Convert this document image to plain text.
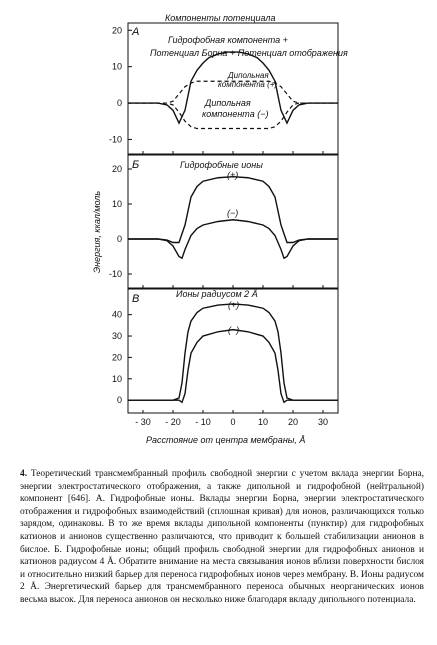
А
Б
В
Компоненты потенциала
Гидрофобная компонента +
Потенциал Борна + Потенциал отображения
Дипольная
компонента (+)
Дипольная
компонента (−)
Гидрофобные ионы
(+)
(−)
Ионы радиусом 2 Å
(+)
(−)
Энергия, ккал/моль
Расстояние от центра мембраны, Å
-10
0
10
20
-10
0
10
20
0
10
20
30
40
- 30 - 20 - 10 0 10 20 30

4. Теоретический трансмембранный профиль свободной энергии с учетом вклада энергии Борна, энергии электростатического отображения, а также дипольной и гидрофобной (нейтральной) компонент [646]. А. Гидрофобные ионы. Вклады энергии Борна, энергии электростатического отображения и гидрофобных взаимодействий (сплошная кривая) для ионов, различающихся только зарядом, одинаковы. В то же время вклады дипольной компоненты (пунктир) для гидрофобных катионов и анионов существенно различаются, что приводит к большей стабилизации анионов в бислое. Б. Гидрофобные ионы; общий профиль свободной энергии для гидрофобных анионов и катионов радиусом 4 Å. Обратите внимание на места связывания ионов вблизи поверхности бислоя и относительно низкий барьер для переноса гидрофобных ионов через мембрану. В. Ионы радиусом 2 Å. Энергетический барьер для трансмембранного переноса обычных неорганических ионов весьма высок. Для переноса анионов он несколько ниже благодаря вкладу дипольного потенциала.
